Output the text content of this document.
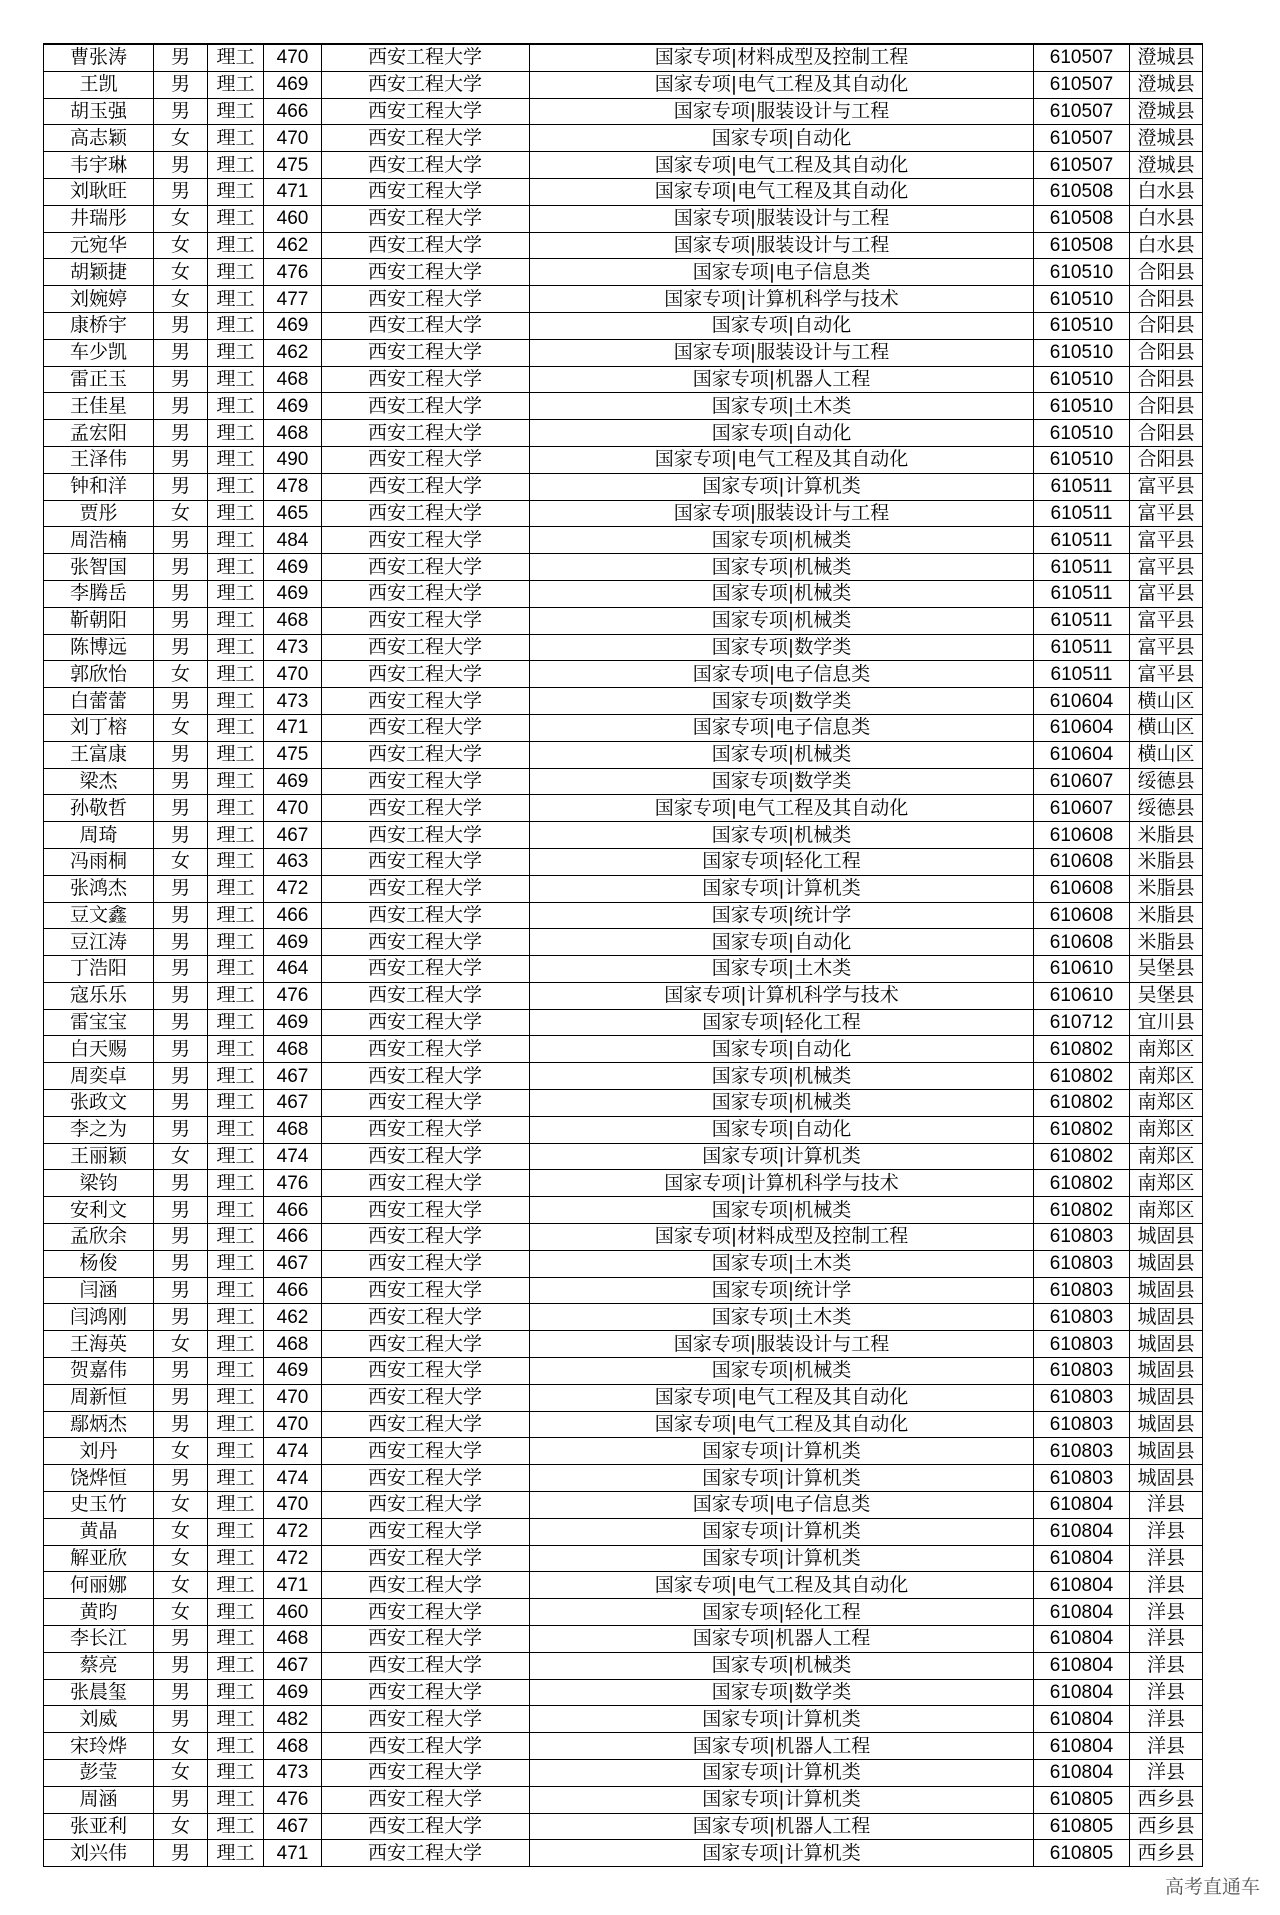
曹张涛	男	理工	470	西安工程大学	国家专项|材料成型及控制工程	610507	澄城县
王凯	男	理工	469	西安工程大学	国家专项|电气工程及其自动化	610507	澄城县
胡玉强	男	理工	466	西安工程大学	国家专项|服装设计与工程	610507	澄城县
高志颖	女	理工	470	西安工程大学	国家专项|自动化	610507	澄城县
韦宇琳	男	理工	475	西安工程大学	国家专项|电气工程及其自动化	610507	澄城县
刘耿旺	男	理工	471	西安工程大学	国家专项|电气工程及其自动化	610508	白水县
井瑞彤	女	理工	460	西安工程大学	国家专项|服装设计与工程	610508	白水县
元宛华	女	理工	462	西安工程大学	国家专项|服装设计与工程	610508	白水县
胡颖捷	女	理工	476	西安工程大学	国家专项|电子信息类	610510	合阳县
刘婉婷	女	理工	477	西安工程大学	国家专项|计算机科学与技术	610510	合阳县
康桥宇	男	理工	469	西安工程大学	国家专项|自动化	610510	合阳县
车少凯	男	理工	462	西安工程大学	国家专项|服装设计与工程	610510	合阳县
雷正玉	男	理工	468	西安工程大学	国家专项|机器人工程	610510	合阳县
王佳星	男	理工	469	西安工程大学	国家专项|土木类	610510	合阳县
孟宏阳	男	理工	468	西安工程大学	国家专项|自动化	610510	合阳县
王泽伟	男	理工	490	西安工程大学	国家专项|电气工程及其自动化	610510	合阳县
钟和洋	男	理工	478	西安工程大学	国家专项|计算机类	610511	富平县
贾彤	女	理工	465	西安工程大学	国家专项|服装设计与工程	610511	富平县
周浩楠	男	理工	484	西安工程大学	国家专项|机械类	610511	富平县
张智国	男	理工	469	西安工程大学	国家专项|机械类	610511	富平县
李腾岳	男	理工	469	西安工程大学	国家专项|机械类	610511	富平县
靳朝阳	男	理工	468	西安工程大学	国家专项|机械类	610511	富平县
陈博远	男	理工	473	西安工程大学	国家专项|数学类	610511	富平县
郭欣怡	女	理工	470	西安工程大学	国家专项|电子信息类	610511	富平县
白蕾蕾	男	理工	473	西安工程大学	国家专项|数学类	610604	横山区
刘丁榕	女	理工	471	西安工程大学	国家专项|电子信息类	610604	横山区
王富康	男	理工	475	西安工程大学	国家专项|机械类	610604	横山区
梁杰	男	理工	469	西安工程大学	国家专项|数学类	610607	绥德县
孙敬哲	男	理工	470	西安工程大学	国家专项|电气工程及其自动化	610607	绥德县
周琦	男	理工	467	西安工程大学	国家专项|机械类	610608	米脂县
冯雨桐	女	理工	463	西安工程大学	国家专项|轻化工程	610608	米脂县
张鸿杰	男	理工	472	西安工程大学	国家专项|计算机类	610608	米脂县
豆文鑫	男	理工	466	西安工程大学	国家专项|统计学	610608	米脂县
豆江涛	男	理工	469	西安工程大学	国家专项|自动化	610608	米脂县
丁浩阳	男	理工	464	西安工程大学	国家专项|土木类	610610	吴堡县
寇乐乐	男	理工	476	西安工程大学	国家专项|计算机科学与技术	610610	吴堡县
雷宝宝	男	理工	469	西安工程大学	国家专项|轻化工程	610712	宜川县
白天赐	男	理工	468	西安工程大学	国家专项|自动化	610802	南郑区
周奕卓	男	理工	467	西安工程大学	国家专项|机械类	610802	南郑区
张政文	男	理工	467	西安工程大学	国家专项|机械类	610802	南郑区
李之为	男	理工	468	西安工程大学	国家专项|自动化	610802	南郑区
王丽颖	女	理工	474	西安工程大学	国家专项|计算机类	610802	南郑区
梁钧	男	理工	476	西安工程大学	国家专项|计算机科学与技术	610802	南郑区
安利文	男	理工	466	西安工程大学	国家专项|机械类	610802	南郑区
孟欣余	男	理工	466	西安工程大学	国家专项|材料成型及控制工程	610803	城固县
杨俊	男	理工	467	西安工程大学	国家专项|土木类	610803	城固县
闫涵	男	理工	466	西安工程大学	国家专项|统计学	610803	城固县
闫鸿刚	男	理工	462	西安工程大学	国家专项|土木类	610803	城固县
王海英	女	理工	468	西安工程大学	国家专项|服装设计与工程	610803	城固县
贺嘉伟	男	理工	469	西安工程大学	国家专项|机械类	610803	城固县
周新恒	男	理工	470	西安工程大学	国家专项|电气工程及其自动化	610803	城固县
鄢炳杰	男	理工	470	西安工程大学	国家专项|电气工程及其自动化	610803	城固县
刘丹	女	理工	474	西安工程大学	国家专项|计算机类	610803	城固县
饶烨恒	男	理工	474	西安工程大学	国家专项|计算机类	610803	城固县
史玉竹	女	理工	470	西安工程大学	国家专项|电子信息类	610804	洋县
黄晶	女	理工	472	西安工程大学	国家专项|计算机类	610804	洋县
解亚欣	女	理工	472	西安工程大学	国家专项|计算机类	610804	洋县
何丽娜	女	理工	471	西安工程大学	国家专项|电气工程及其自动化	610804	洋县
黄昀	女	理工	460	西安工程大学	国家专项|轻化工程	610804	洋县
李长江	男	理工	468	西安工程大学	国家专项|机器人工程	610804	洋县
蔡亮	男	理工	467	西安工程大学	国家专项|机械类	610804	洋县
张晨玺	男	理工	469	西安工程大学	国家专项|数学类	610804	洋县
刘威	男	理工	482	西安工程大学	国家专项|计算机类	610804	洋县
宋玲烨	女	理工	468	西安工程大学	国家专项|机器人工程	610804	洋县
彭莹	女	理工	473	西安工程大学	国家专项|计算机类	610804	洋县
周涵	男	理工	476	西安工程大学	国家专项|计算机类	610805	西乡县
张亚利	女	理工	467	西安工程大学	国家专项|机器人工程	610805	西乡县
刘兴伟	男	理工	471	西安工程大学	国家专项|计算机类	610805	西乡县
高考直通车
